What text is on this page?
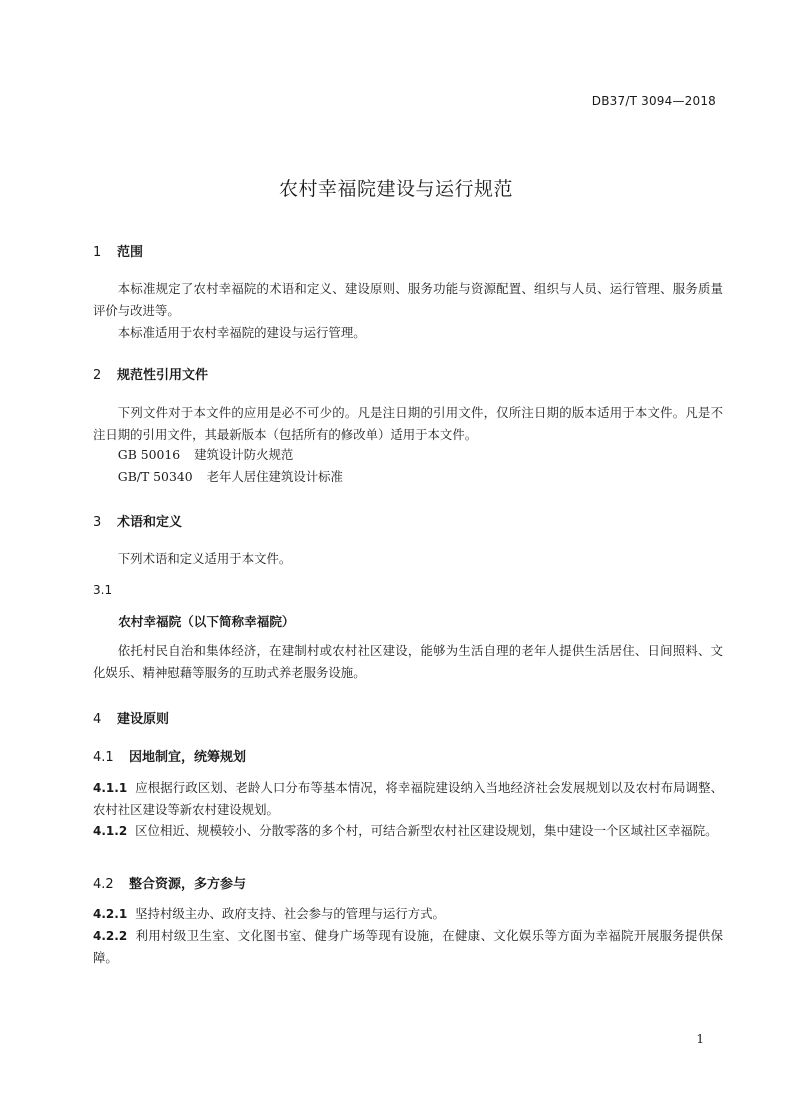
DB37/T 3094—2018
农村幸福院建设与运行规范
1 范围
本标准规定了农村幸福院的术语和定义、建设原则、服务功能与资源配置、组织与人员、运行管理、服务质量评价与改进等。
本标准适用于农村幸福院的建设与运行管理。
2 规范性引用文件
下列文件对于本文件的应用是必不可少的。凡是注日期的引用文件，仅所注日期的版本适用于本文件。凡是不注日期的引用文件，其最新版本（包括所有的修改单）适用于本文件。
GB 50016 建筑设计防火规范
GB/T 50340 老年人居住建筑设计标准
3 术语和定义
下列术语和定义适用于本文件。
3.1
农村幸福院（以下简称幸福院）
依托村民自治和集体经济，在建制村或农村社区建设，能够为生活自理的老年人提供生活居住、日间照料、文化娱乐、精神慰藉等服务的互助式养老服务设施。
4 建设原则
4.1 因地制宜，统筹规划
4.1.1 应根据行政区划、老龄人口分布等基本情况，将幸福院建设纳入当地经济社会发展规划以及农村布局调整、农村社区建设等新农村建设规划。
4.1.2 区位相近、规模较小、分散零落的多个村，可结合新型农村社区建设规划，集中建设一个区域社区幸福院。
4.2 整合资源，多方参与
4.2.1 坚持村级主办、政府支持、社会参与的管理与运行方式。
4.2.2 利用村级卫生室、文化图书室、健身广场等现有设施，在健康、文化娱乐等方面为幸福院开展服务提供保障。
1
